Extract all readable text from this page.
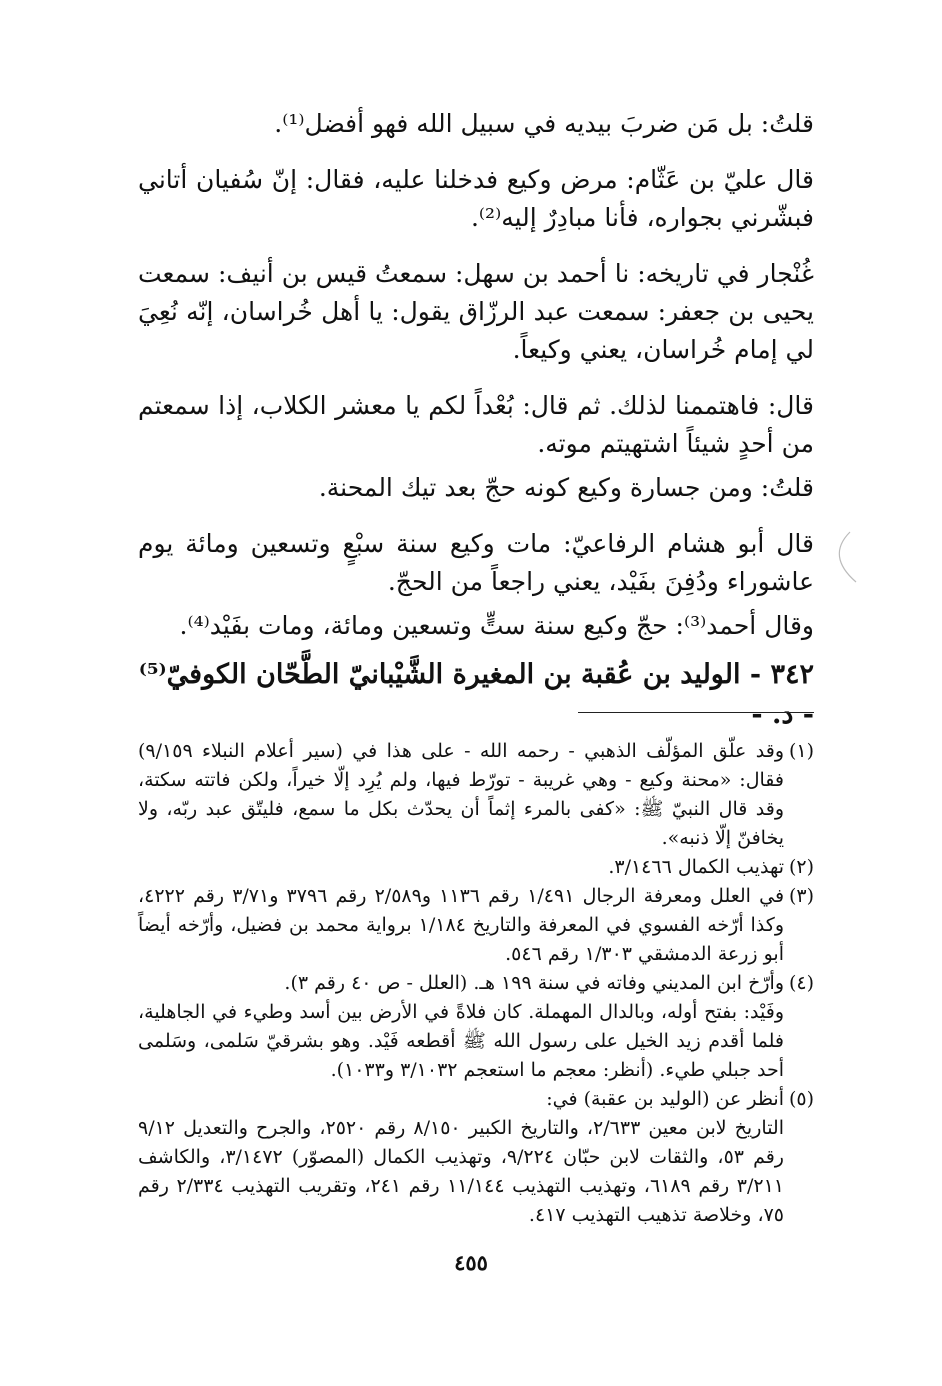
قلتُ: بل مَن ضربَ بيديه في سبيل الله فهو أفضل⁽¹⁾.

قال عليّ بن عَثّام: مرض وكيع فدخلنا عليه، فقال: إنّ سُفيان أتاني فبشّرني بجواره، فأنا مبادِرٌ إليه⁽²⁾.

غُنْجار في تاريخه: نا أحمد بن سهل: سمعتُ قيس بن أنيف: سمعت يحيى بن جعفر: سمعت عبد الرزّاق يقول: يا أهل خُراسان، إنّه نُعِيَ لي إمام خُراسان، يعني وكيعاً.

قال: فاهتممنا لذلك. ثم قال: بُعْداً لكم يا معشر الكلاب، إذا سمعتم من أحدٍ شيئاً اشتهيتم موته.

قلتُ: ومن جسارة وكيع كونه حجّ بعد تيك المحنة.

قال أبو هشام الرفاعيّ: مات وكيع سنة سبْعٍ وتسعين ومائة يوم عاشوراء ودُفِنَ بفَيْد، يعني راجعاً من الحجّ.

وقال أحمد⁽³⁾: حجّ وكيع سنة ستٍّ وتسعين ومائة، ومات بفَيْد⁽⁴⁾.

٣٤٢ - الوليد بن عُقبة بن المغيرة الشَّيْبانيّ الطَّحّان الكوفيّ⁽⁵⁾ - د. -
(١)
وقد علّق المؤلّف الذهبي - رحمه الله - على هذا في (سير أعلام النبلاء ٩/١٥٩) فقال: «محنة وكيع - وهي غريبة - تورّط فيها، ولم يُرِد إلّا خيراً، ولكن فاتته سكتة، وقد قال النبيّ ﷺ: «كفى بالمرء إثماً أن يحدّث بكل ما سمع، فليتّق عبد ربّه، ولا يخافنّ إلّا ذنبه».
(٢)
تهذيب الكمال ٣/١٤٦٦.
(٣)
في العلل ومعرفة الرجال ١/٤٩١ رقم ١١٣٦ و٢/٥٨٩ رقم ٣٧٩٦ و٣/٧١ رقم ٤٢٢٢، وكذا أرّخه الفسوي في المعرفة والتاريخ ١/١٨٤ برواية محمد بن فضيل، وأرّخه أيضاً أبو زرعة الدمشقي ١/٣٠٣ رقم ٥٤٦.
(٤)
وأرّخ ابن المديني وفاته في سنة ١٩٩ هـ. (العلل - ص ٤٠ رقم ٣).
وفَيْد: بفتح أوله، وبالدال المهملة. كان فلاةً في الأرض بين أسد وطيء في الجاهلية، فلما أقدم زيد الخيل على رسول الله ﷺ أقطعه فَيْد. وهو بشرقيّ سَلمى، وسَلمى أحد جبلي طيء. (أنظر: معجم ما استعجم ٣/١٠٣٢ و١٠٣٣).
(٥)
أنظر عن (الوليد بن عقبة) في:
التاريخ لابن معين ٢/٦٣٣، والتاريخ الكبير ٨/١٥٠ رقم ٢٥٢٠، والجرح والتعديل ٩/١٢ رقم ٥٣، والثقات لابن حبّان ٩/٢٢٤، وتهذيب الكمال (المصوّر) ٣/١٤٧٢، والكاشف ٣/٢١١ رقم ٦١٨٩، وتهذيب التهذيب ١١/١٤٤ رقم ٢٤١، وتقريب التهذيب ٢/٣٣٤ رقم ٧٥، وخلاصة تذهيب التهذيب ٤١٧.
٤٥٥
